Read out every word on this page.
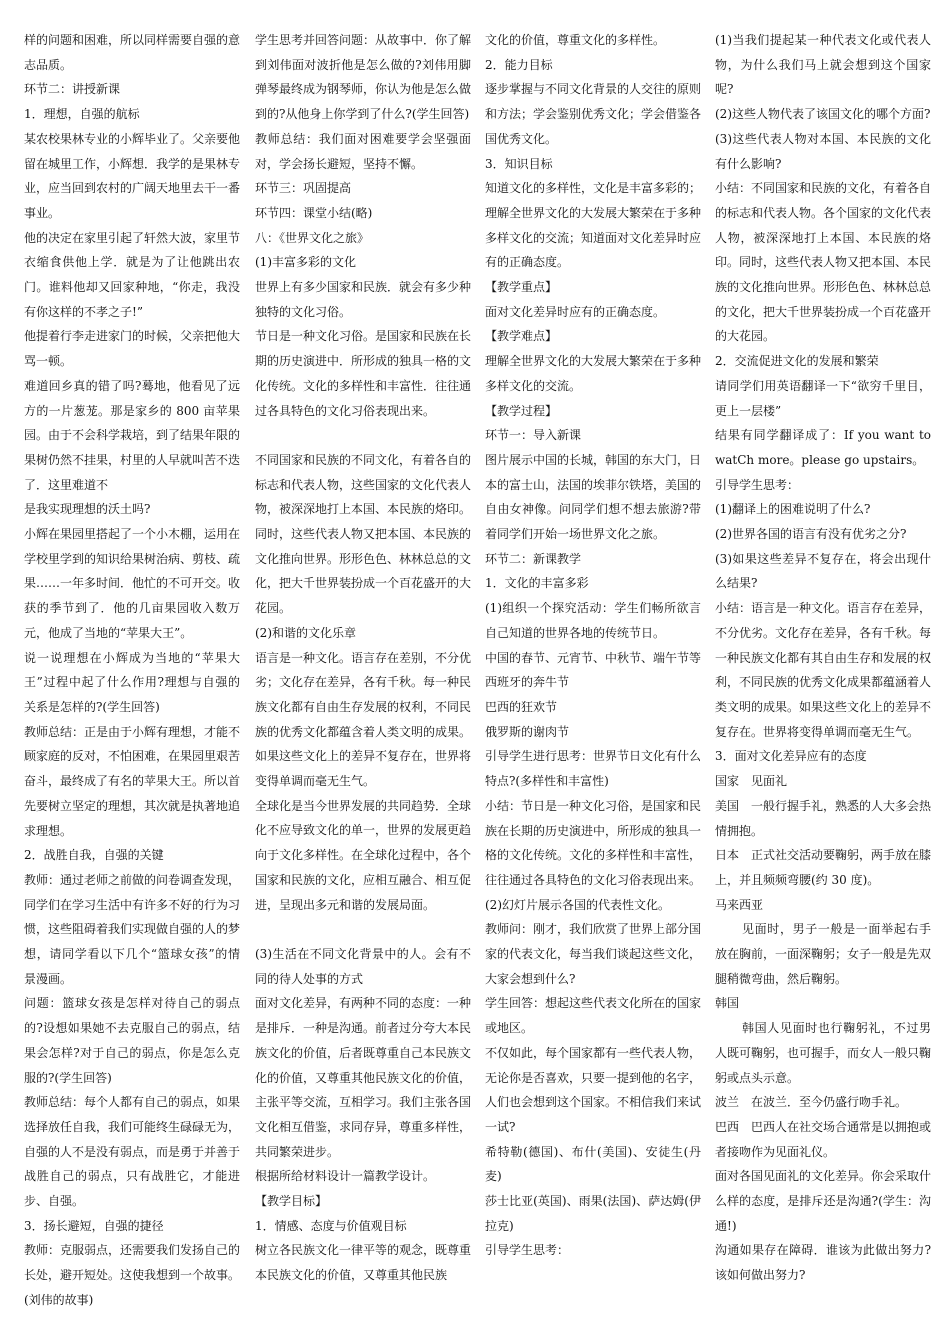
样的问题和困难，所以同样需要自强的意志品质。

环节二：讲授新课

1．理想，自强的航标

某农校果林专业的小辉毕业了。父亲要他留在城里工作，小辉想．我学的是果林专业，应当回到农村的广阔天地里去干一番事业。

他的决定在家里引起了轩然大波，家里节衣缩食供他上学．就是为了让他跳出农门。谁料他却又回家种地，“你走，我没有你这样的不孝之子!”

他提着行李走进家门的时候，父亲把他大骂一顿。

难道回乡真的错了吗?蓦地，他看见了远方的一片葱茏。那是家乡的 800 亩苹果园。由于不会科学栽培，到了结果年限的果树仍然不挂果，村里的人早就叫苦不迭了．这里难道不

是我实现理想的沃土吗?

小辉在果园里搭起了一个小木棚，运用在学校里学到的知识给果树治病、剪枝、疏果……一年多时间．他忙的不可开交。收获的季节到了．他的几亩果园收入数万元，他成了当地的“苹果大王”。

说一说理想在小辉成为当地的“苹果大王”过程中起了什么作用?理想与自强的关系是怎样的?(学生回答)

教师总结：正是由于小辉有理想，才能不顾家庭的反对，不怕困难，在果园里艰苦奋斗，最终成了有名的苹果大王。所以首先要树立坚定的理想，其次就是执著地追求理想。

2．战胜自我，自强的关键

教师：通过老师之前做的问卷调查发现，同学们在学习生活中有许多不好的行为习惯，这些阻碍着我们实现做自强的人的梦想，请同学看以下几个“篮球女孩”的情景漫画。

问题：篮球女孩是怎样对待自己的弱点的?设想如果她不去克服自己的弱点，结果会怎样?对于自己的弱点，你是怎么克服的?(学生回答)

教师总结：每个人都有自己的弱点，如果选择放任自我，我们可能终生碌碌无为，自强的人不是没有弱点，而是勇于并善于战胜自己的弱点，只有战胜它，才能进步、自强。

3．扬长避短，自强的捷径

教师：克服弱点，还需要我们发扬自己的长处，避开短处。这使我想到一个故事。(刘伟的故事)

学生思考并回答问题：从故事中．你了解到刘伟面对波折他是怎么做的?刘伟用脚弹琴最终成为钢琴师，你认为他是怎么做到的?从他身上你学到了什么?(学生回答)

教师总结：我们面对困难要学会坚强面对，学会扬长避短，坚持不懈。

环节三：巩固提高

环节四：课堂小结(略)

八：《世界文化之旅》

(1)丰富多彩的文化

世界上有多少国家和民族．就会有多少种独特的文化习俗。

节日是一种文化习俗。是国家和民族在长期的历史演进中．所形成的独具一格的文化传统。文化的多样性和丰富性．往往通过各具特色的文化习俗表现出来。

不同国家和民族的不同文化，有着各自的标志和代表人物，这些国家的文化代表人物，被深深地打上本国、本民族的烙印。同时，这些代表人物又把本国、本民族的文化推向世界。形形色色、林林总总的文化，把大千世界装扮成一个百花盛开的大花园。

(2)和谐的文化乐章

语言是一种文化。语言存在差别，不分优劣；文化存在差异，各有千秋。每一种民族文化都有自由生存发展的权利，不同民族的优秀文化都蕴含着人类文明的成果。如果这些文化上的差异不复存在，世界将变得单调而毫无生气。

全球化是当今世界发展的共同趋势．全球化不应导致文化的单一，世界的发展更趋向于文化多样性。在全球化过程中，各个国家和民族的文化，应相互融合、相互促进，呈现出多元和谐的发展局面。

(3)生活在不同文化背景中的人。会有不同的待人处事的方式

面对文化差异，有两种不同的态度：一种是排斥．一种是沟通。前者过分夸大本民族文化的价值，后者既尊重自己本民族文化的价值，又尊重其他民族文化的价值，主张平等交流，互相学习。我们主张各国文化相互借鉴，求同存异，尊重多样性，共同繁荣进步。

根据所给材料设计一篇教学设计。

【教学目标】

1．情感、态度与价值观目标

树立各民族文化一律平等的观念，既尊重本民族文化的价值，又尊重其他民族

文化的价值，尊重文化的多样性。

2．能力目标

逐步掌握与不同文化背景的人交往的原则和方法；学会鉴别优秀文化；学会借鉴各国优秀文化。

3．知识目标

知道文化的多样性，文化是丰富多彩的；理解全世界文化的大发展大繁荣在于多种多样文化的交流；知道面对文化差异时应有的正确态度。

【教学重点】

面对文化差异时应有的正确态度。

【教学难点】

理解全世界文化的大发展大繁荣在于多种多样文化的交流。

【教学过程】

环节一：导入新课

图片展示中国的长城，韩国的东大门，日本的富士山，法国的埃菲尔铁塔，美国的自由女神像。问同学们想不想去旅游?带着同学们开始一场世界文化之旅。

环节二：新课教学

1．文化的丰富多彩

(1)组织一个探究活动：学生们畅所欲言自己知道的世界各地的传统节日。

中国的春节、元宵节、中秋节、端午节等

西班牙的奔牛节

巴西的狂欢节

俄罗斯的谢肉节

引导学生进行思考：世界节日文化有什么特点?(多样性和丰富性)

小结：节日是一种文化习俗，是国家和民族在长期的历史演进中，所形成的独具一格的文化传统。文化的多样性和丰富性，往往通过各具特色的文化习俗表现出来。

(2)幻灯片展示各国的代表性文化。

教师问：刚才，我们欣赏了世界上部分国家的代表文化，每当我们谈起这些文化，大家会想到什么?

学生回答：想起这些代表文化所在的国家或地区。

不仅如此，每个国家都有一些代表人物，无论你是否喜欢，只要一提到他的名字，人们也会想到这个国家。不相信我们来试一试?

希特勒(德国)、布什(美国)、安徒生(丹麦)

莎士比亚(英国)、雨果(法国)、萨达姆(伊拉克)

引导学生思考：

(1)当我们提起某一种代表文化或代表人物，为什么我们马上就会想到这个国家呢?

(2)这些人物代表了该国文化的哪个方面?

(3)这些代表人物对本国、本民族的文化有什么影响?

小结：不同国家和民族的文化，有着各自的标志和代表人物。各个国家的文化代表人物，被深深地打上本国、本民族的烙印。同时，这些代表人物又把本国、本民族的文化推向世界。形形色色、林林总总的文化，把大千世界装扮成一个百花盛开的大花园。

2．交流促进文化的发展和繁荣

请同学们用英语翻译一下“欲穷千里目，更上一层楼”

结果有同学翻译成了：If you want to watCh more。please go upstairs。

引导学生思考：

(1)翻译上的困难说明了什么?

(2)世界各国的语言有没有优劣之分?

(3)如果这些差异不复存在，将会出现什么结果?

小结：语言是一种文化。语言存在差异，不分优劣。文化存在差异，各有千秋。每一种民族文化都有其自由生存和发展的权利，不同民族的优秀文化成果都蕴涵着人类文明的成果。如果这些文化上的差异不复存在。世界将变得单调而毫无生气。

3．面对文化差异应有的态度

国家　见面礼

美国　一般行握手礼，熟悉的人大多会热情拥抱。

日本　正式社交活动要鞠躬，两手放在膝上，并且频频弯腰(约 30 度)。

马来西亚

　见面时，男子一般是一面举起右手放在胸前，一面深鞠躬；女子一般是先双腿稍微弯曲，然后鞠躬。

韩国

　韩国人见面时也行鞠躬礼，不过男人既可鞠躬，也可握手，而女人一般只鞠躬或点头示意。

波兰　在波兰．至今仍盛行吻手礼。

巴西　巴西人在社交场合通常是以拥抱或者接吻作为见面礼仪。

面对各国见面礼的文化差异。你会采取什么样的态度，是排斥还是沟通?(学生：沟通!)

沟通如果存在障碍．谁该为此做出努力?该如何做出努力?
